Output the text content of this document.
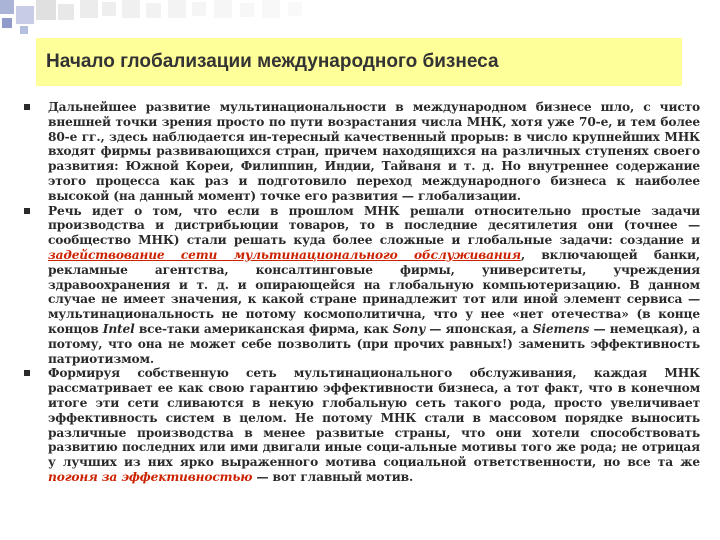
Начало глобализации международного бизнеса
Дальнейшее развитие мультинациональности в международном бизнесе шло, с чисто внешней точки зрения просто по пути возрастания числа МНК, хотя уже 70-е, и тем более 80-е гг., здесь наблюдается ин-тересный качественный прорыв: в число крупнейших МНК входят фирмы развивающихся стран, причем находящихся на различных ступенях своего развития: Южной Кореи, Филиппин, Индии, Тайваня и т. д. Но внутреннее содержание этого процесса как раз и подготовило переход международного бизнеса к наиболее высокой (на данный момент) точке его развития — глобализации.
Речь идет о том, что если в прошлом МНК решали относительно простые задачи производства и дистрибьюции товаров, то в последние десятилетия они (точнее — сообщество МНК) стали решать куда более сложные и глобальные задачи: создание и задействование сети мультинационального обслуживания, включающей банки, рекламные агентства, консалтинговые фирмы, университеты, учреждения здравоохранения и т. д. и опирающейся на глобальную компьютеризацию. В данном случае не имеет значения, к какой стране принадлежит тот или иной элемент сервиса — мультинациональность не потому космополитична, что у нее «нет отечества» (в конце концов Intel все-таки американская фирма, как Sony — японская, а Siemens — немецкая), а потому, что она не может себе позволить (при прочих равных!) заменить эффективность патриотизмом.
Формируя собственную сеть мультинационального обслуживания, каждая МНК рассматривает ее как свою гарантию эффективности бизнеса, а тот факт, что в конечном итоге эти сети сливаются в некую глобальную сеть такого рода, просто увеличивает эффективность систем в целом. Не потому МНК стали в массовом порядке выносить различные производства в менее развитые страны, что они хотели способствовать развитию последних или ими двигали иные соци-альные мотивы того же рода; не отрицая у лучших из них ярко выраженного мотива социальной ответственности, но все та же погоня за эффективностью — вот главный мотив.
